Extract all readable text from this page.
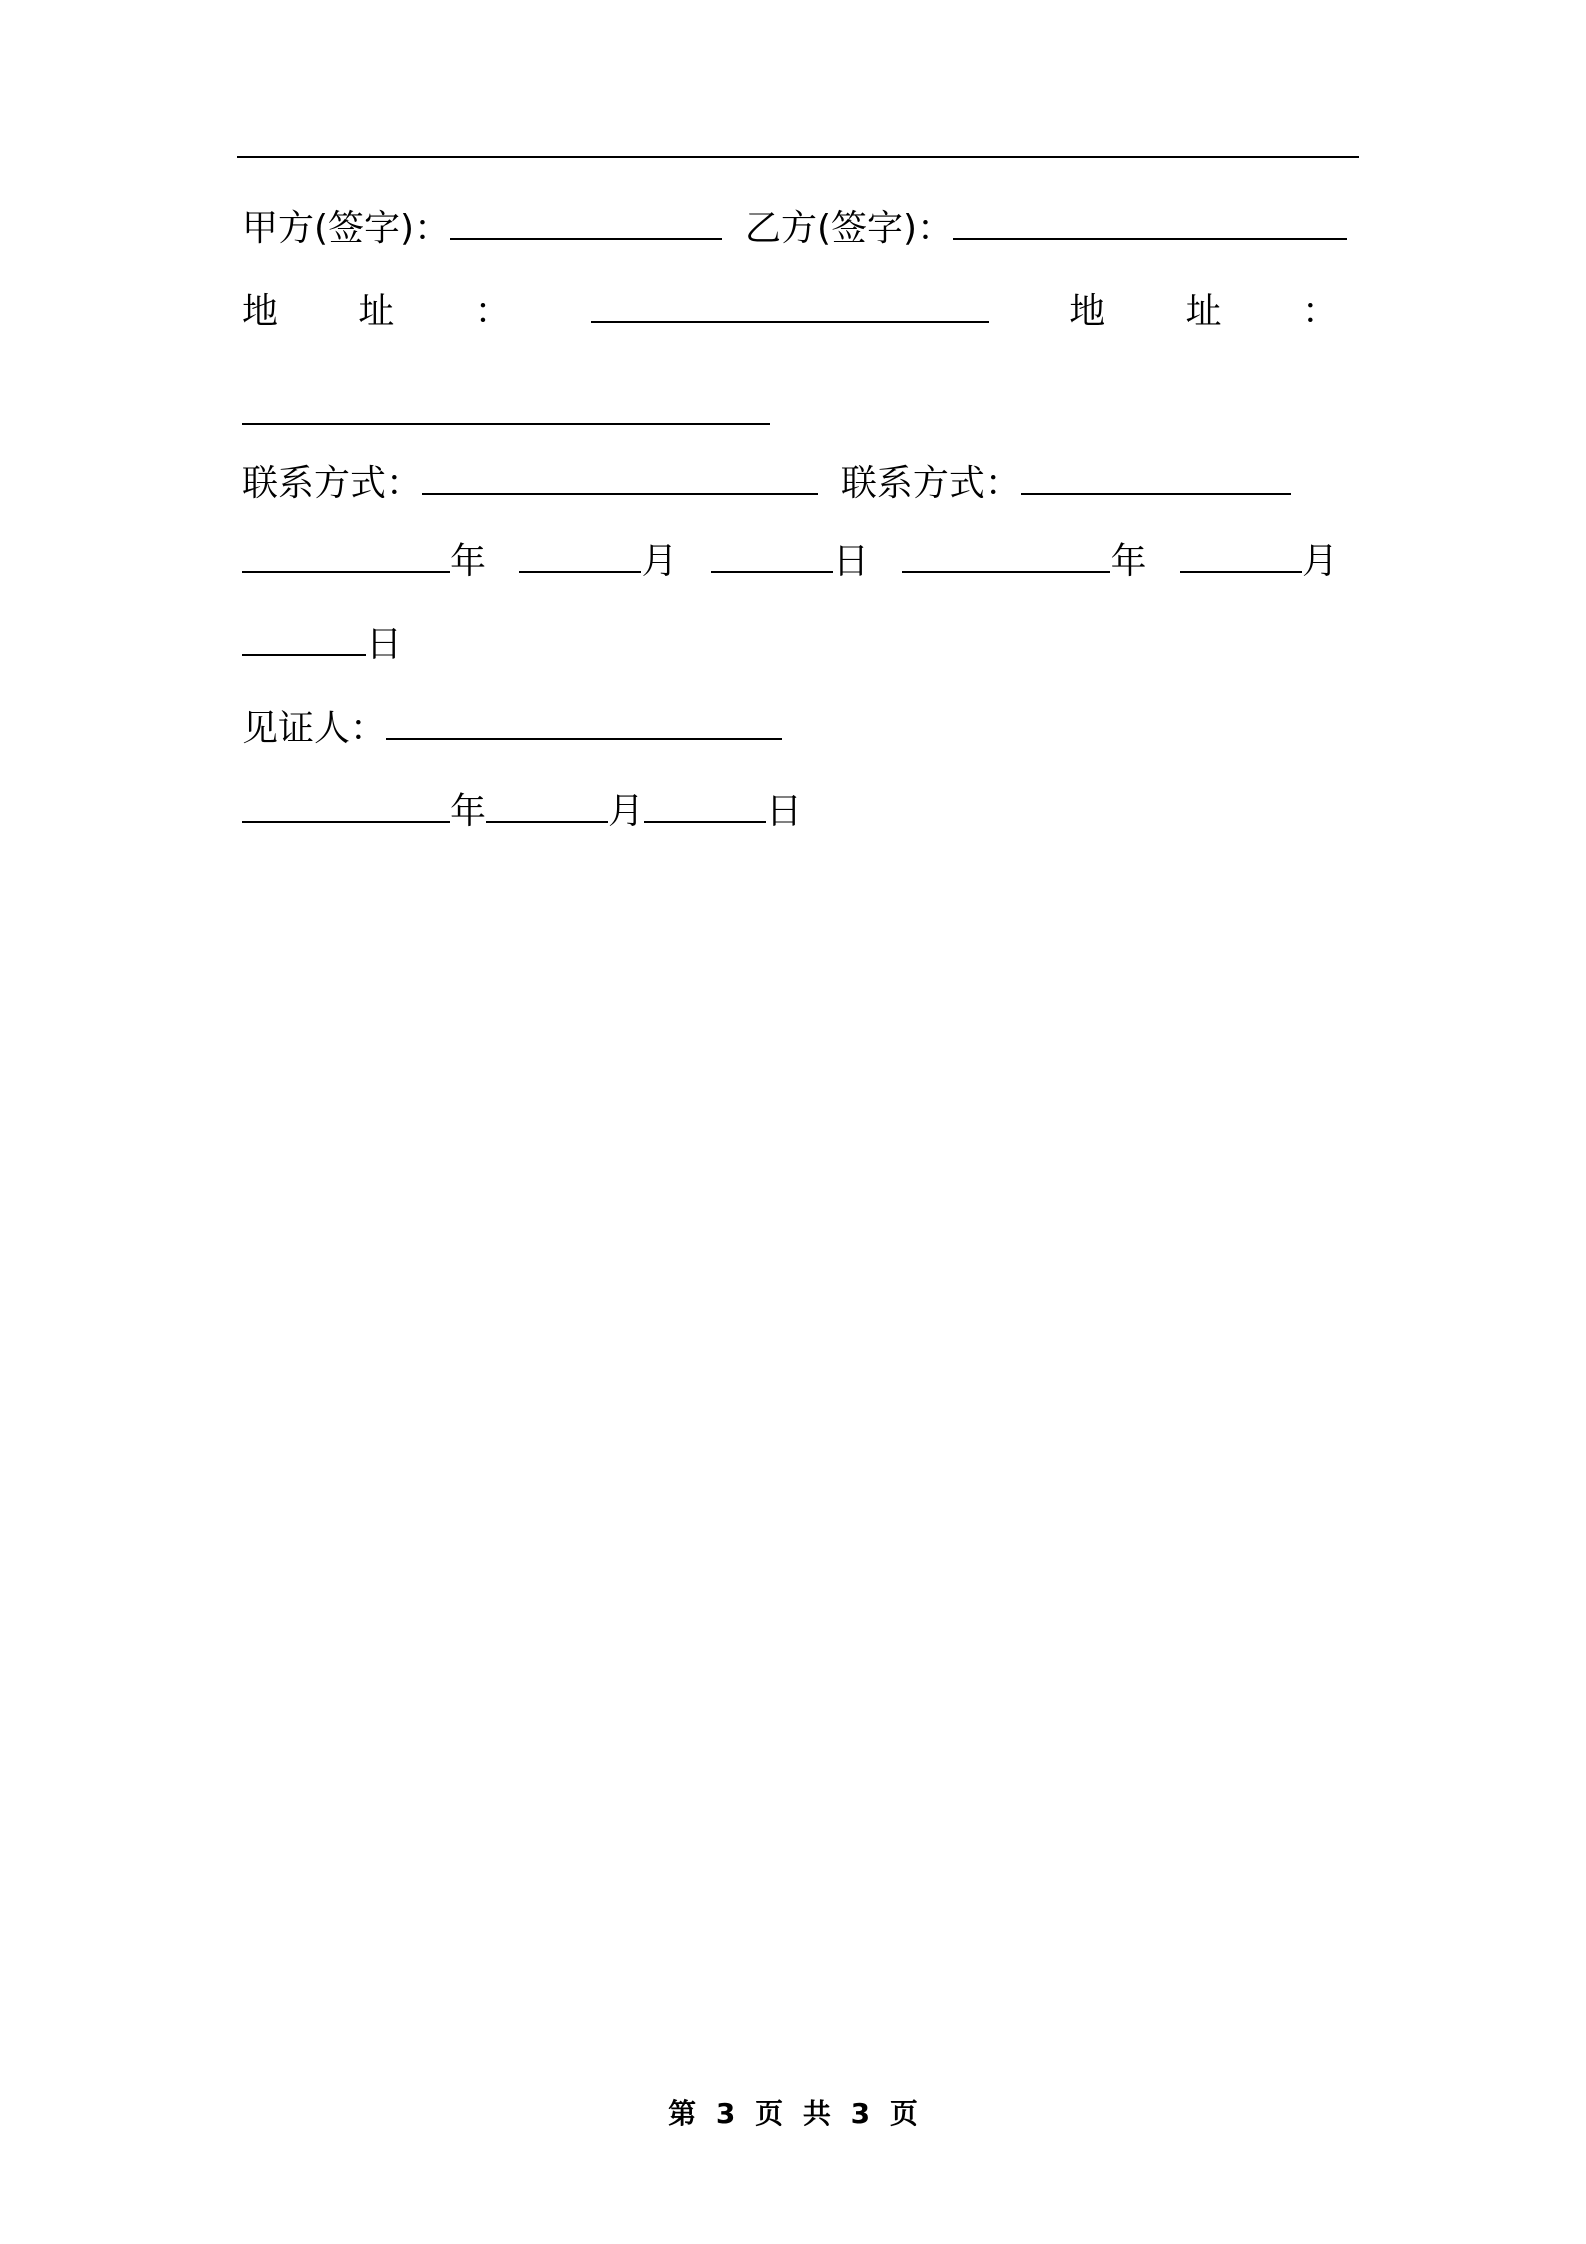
甲方(签字)：	乙方(签字)：
地 址 ：	地 址 ：
联系方式：	联系方式：
年	月	日	年	月
日
见证人：
年	月	日
第 3 页 共 3 页
